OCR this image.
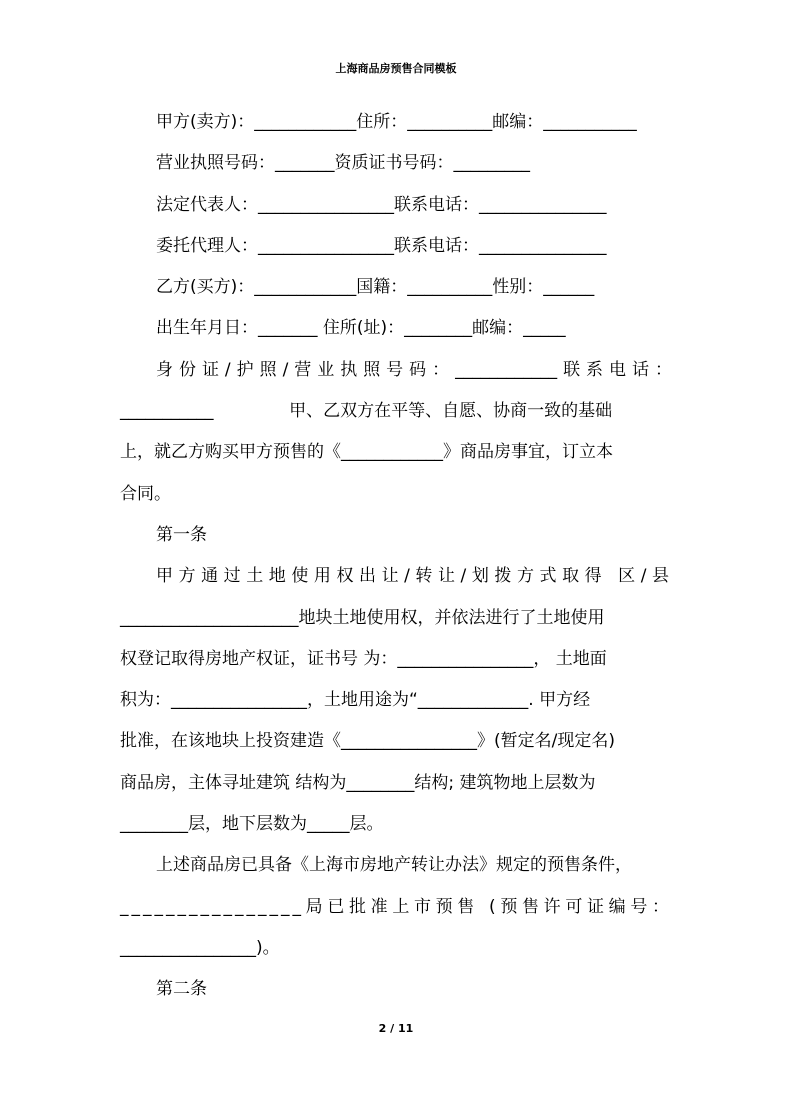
上海商品房预售合同模板

甲方(卖方)：____________住所：__________邮编：___________

营业执照号码：_______资质证书号码：_________

法定代表人：________________联系电话：_______________

委托代理人：________________联系电话：_______________

乙方(买方)：____________国籍：__________性别：______

出生年月日：_______ 住所(址)：________邮编：_____

身份证/护照/营业执照号码：____________联系电话：

___________              甲、乙双方在平等、自愿、协商一致的基础

上，就乙方购买甲方预售的《____________》商品房事宜，订立本

合同。

第一条

甲方通过土地使用权出让/转让/划拨方式取得 区/县

_____________________地块土地使用权，并依法进行了土地使用

权登记取得房地产权证，证书号 为：________________， 土地面

积为：________________，土地用途为“_____________. 甲方经

批准，在该地块上投资建造《________________》(暂定名/现定名)

商品房，主体寻址建筑 结构为________结构; 建筑物地上层数为

________层，地下层数为_____层。

上述商品房已具备《上海市房地产转让办法》规定的预售条件，

________________局已批准上市预售 (预售许可证编号：

________________)。

第二条

2 / 11
